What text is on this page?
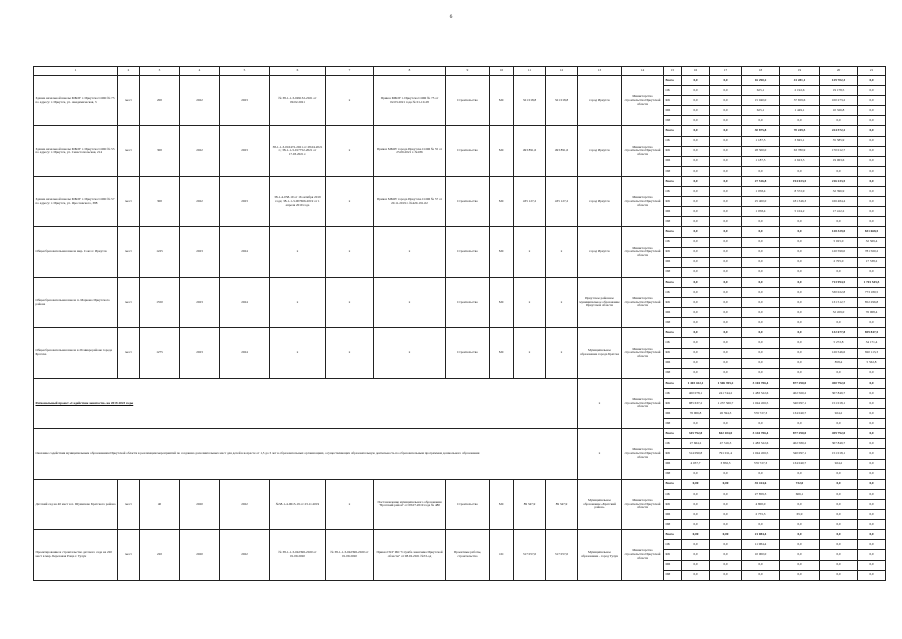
6
1	2	3	4	5	6	7	8	9	10	11	12	13	14	15	16	17	18	19	20	21
Здание начальной школы МБОУ г. Иркутска СОШ № 75 по адресу: г. Иркутск, ул. Академическая, 3	мест	200	2022	2023	№ 38-1-1-3-049132-2021 от 09.02.2021	x	Приказ МБОУ г. Иркутска СОШ № 75 от 02.03.2021 года № 01-10-28	Строительство	МС	321 018,8	321 018,8	город Иркутск	Министерство строительства Иркутской области	Всего	0,0	0,0	16 290,2	41 281,1	129 702,3	0,0
														ОБ	0,0	0,0	625,1	2 192,6	19 178,5	0,0
														ФБ	0,0	0,0	15 040,0	37 659,6	100 273,2	0,0
														МБ	0,0	0,0	625,1	1 449,1	10 326,8	0,0
														ИИ	0,0	0,0	0,0	0,0	0,0	0,0
Здание начальной школы МБОУ г. Иркутска СОШ № 55 по адресу: г. Иркутск, ул. Севастопольская, 214	мест	300	2022	2023	38-1-1-3-016472-2021 от 28.04.2021 г.; 38-1-1-3-017752-2021 от 17.03.2021 г.	x	Приказ МБОУ города Иркутска СОШ № 55 от 25.06.2021 г. №186	Строительство	МС	493 891,6	493 891,6	город Иркутск	Министерство строительства Иркутской области	Всего	0,0	0,0	30 875,8	70 249,5	224 572,2	0,0
														ОБ	0,0	0,0	1 187,5	3 845,1	35 585,9	0,0
														ФБ	0,0	0,0	28 500,0	63 780,9	170 012,7	0,0
														МБ	0,0	0,0	1 187,5	2 623,5	19 063,6	0,0
														ИИ	0,0	0,0	0,0	0,0	0,0	0,0
Здание начальной школы МБОУ г. Иркутска СОШ № 57 по адресу: г. Иркутск, ул. Ярославского, 388	мест	300	2022	2023	38-1-4-058-19 от 16 октября 2019 года; 38-1-1-3-007666-2019 от 1 апреля 2019 года	x	Приказ МБОУ города Иркутска СОШ № 57 от 20.11.2019 г. №420-191-02	Строительство	МС	435 127,2	435 127,2	город Иркутск	Министерство строительства Иркутской области	Всего	0,0	0,0	27 516,8	194 023,5	216 233,5	0,0
														ОБ	0,0	0,0	1 058,4	8 572,9	32 396,9	0,0
														ФБ	0,0	0,0	25 400,0	181 346,3	166 484,4	0,0
														МБ	0,0	0,0	1 058,4	5 104,2	17 412,2	0,0
														ИИ	0,0	0,0	0,0	0,0	0,0	0,0
Общеобразовательная школа мкр. Союз г. Иркутск	мест	1225	2023	2024	x	x	x	Строительство	МС	x	x	город Иркутск	Министерство строительства Иркутской области	Всего	0,0	0,0	0,0	0,0	128 329,0	831 668,5
														ОБ	0,0	0,0	0,0	0,0	5 025,0	32 569,4
														ФБ	0,0	0,0	0,0	0,0	120 599,0	781 560,2
														МБ	0,0	0,0	0,0	0,0	2 705,0	17 538,2
														ИИ	0,0	0,0	0,0	0,0	0,0	0,0
Общеобразовательная школа п. Марково Иркутского района	мест	1550	2023	2024	x	x	x	Строительство	МС	x	x	Иркутское районное муниципальное образование Иркутской области	Министерство строительства Иркутской области	Всего	0,0	0,0	0,0	0,0	713 994,5	1 701 545,5
														ОБ	0,0	0,0	0,0	0,0	530 022,8	773 180,5
														ФБ	0,0	0,0	0,0	0,0	131 512,7	852 296,8
														МБ	0,0	0,0	0,0	0,0	52 459,0	76 068,4
														ИИ	0,0	0,0	0,0	0,0	0,0	0,0
Общеобразовательная школа в 26 микрорайоне города Братска	мест	1275	2023	2024	x	x	x	Строительство	МС	x	x	Муниципальное образование города Братска	Министерство строительства Иркутской области	Всего	0,0	0,0	0,0	0,0	132 677,8	859 847,5
														ОБ	0,0	0,0	0,0	0,0	5 272,8	34 171,4
														ФБ	0,0	0,0	0,0	0,0	126 546,6	820 113,3
														МБ	0,0	0,0	0,0	0,0	858,4	5 562,8
														ИИ	0,0	0,0	0,0	0,0	0,0	0,0
Региональный проект «Содействие занятости» на 2019-2023 годы												x	Министерство строительства Иркутской области	Всего	1 403 422,1	1 506 395,2	3 104 706,4	877 290,0	450 792,0	0,0
														ОБ	400 078,1	241 744,2	1 483 522,6	402 560,2	307 849,7	0,0
														ФБ	985 637,2	1 237 566,7	1 044 456,5	340 097,1	151 018,1	0,0
														МБ	76 906,8	26 594,3	576 727,3	134 040,7	924,2	0,0
														ИИ	0,0	0,0	0,0	0,0	0,0	0,0
Оказание содействия муниципальным образованиям Иркутской области в реализации мероприятий по созданию дополнительных мест для детей в возрасте от 1,5 до 3 лет в образовательных организациях, осуществляющих образовательную деятельность по образовательным программам дошкольного образования												x	Министерство строительства Иркутской области	Всего	345 792,8	842 104,0	3 144 706,4	877 290,0	459 792,0	0,0
														ОБ	27 664,2	47 516,3	1 483 522,6	402 580,2	307 849,7	0,0
														ФБ	314 090,8	791 011,4	1 044 456,5	340 097,1	151 018,1	0,0
														МБ	4 037,7	3 856,3	576 727,3	134 040,7	924,2	0,0
														ИИ	0,0	0,0	0,0	0,0	0,0	0,0
Детский сад на 40 мест в п. Шумилово Братского района	мест	40	2020	2022	№38-1-4-0613-19 от 23.11.2019	x	Постановление муниципального образования "Братский район" от 08.07.2019 года № 480	Строительство	МС	89 347,9	89 347,9	Муниципальное образование «Братский район»	Министерство строительства Иркутской области	Всего	0,00	0,00	35 414,6	732,0	0,0	0,0
														ОБ	0,0	0,0	27 859,3	666,1	0,0	0,0
														ФБ	0,0	0,0	4 800,0	0,0	0,0	0,0
														МБ	0,0	0,0	2 755,3	65,9	0,0	0,0
														ИИ	0,0	0,0	0,0	0,0	0,0	0,0
Проектирование и строительство детского сада на 220 мест в мкр. Березовая Роща г. Тулун	мест	220	2020	2022	№ 38-1-1-3-042396-2020 от 01.09.2020	№ 38-1-1-3-042396-2020 от 01.09.2020	Приказ ГКУ ИО "Служба заказчика Иркутской области" от 08.02.2021 №53-од	Проектные работы, строительство	ОС	317 057,0	317 057,0	Муниципальное образование - город Тулун	Министерство строительства Иркутской области	Всего	0,00	0,00	21 084,4	0,0	0,0	0,0
														ОБ	0,0	0,0	11 084,4	0,0	0,0	0,0
														ФБ	0,0	0,0	10 000,0	0,0	0,0	0,0
														МБ	0,0	0,0	0,0	0,0	0,0	0,0
														ИИ	0,0	0,0	0,0	0,0	0,0	0,0
